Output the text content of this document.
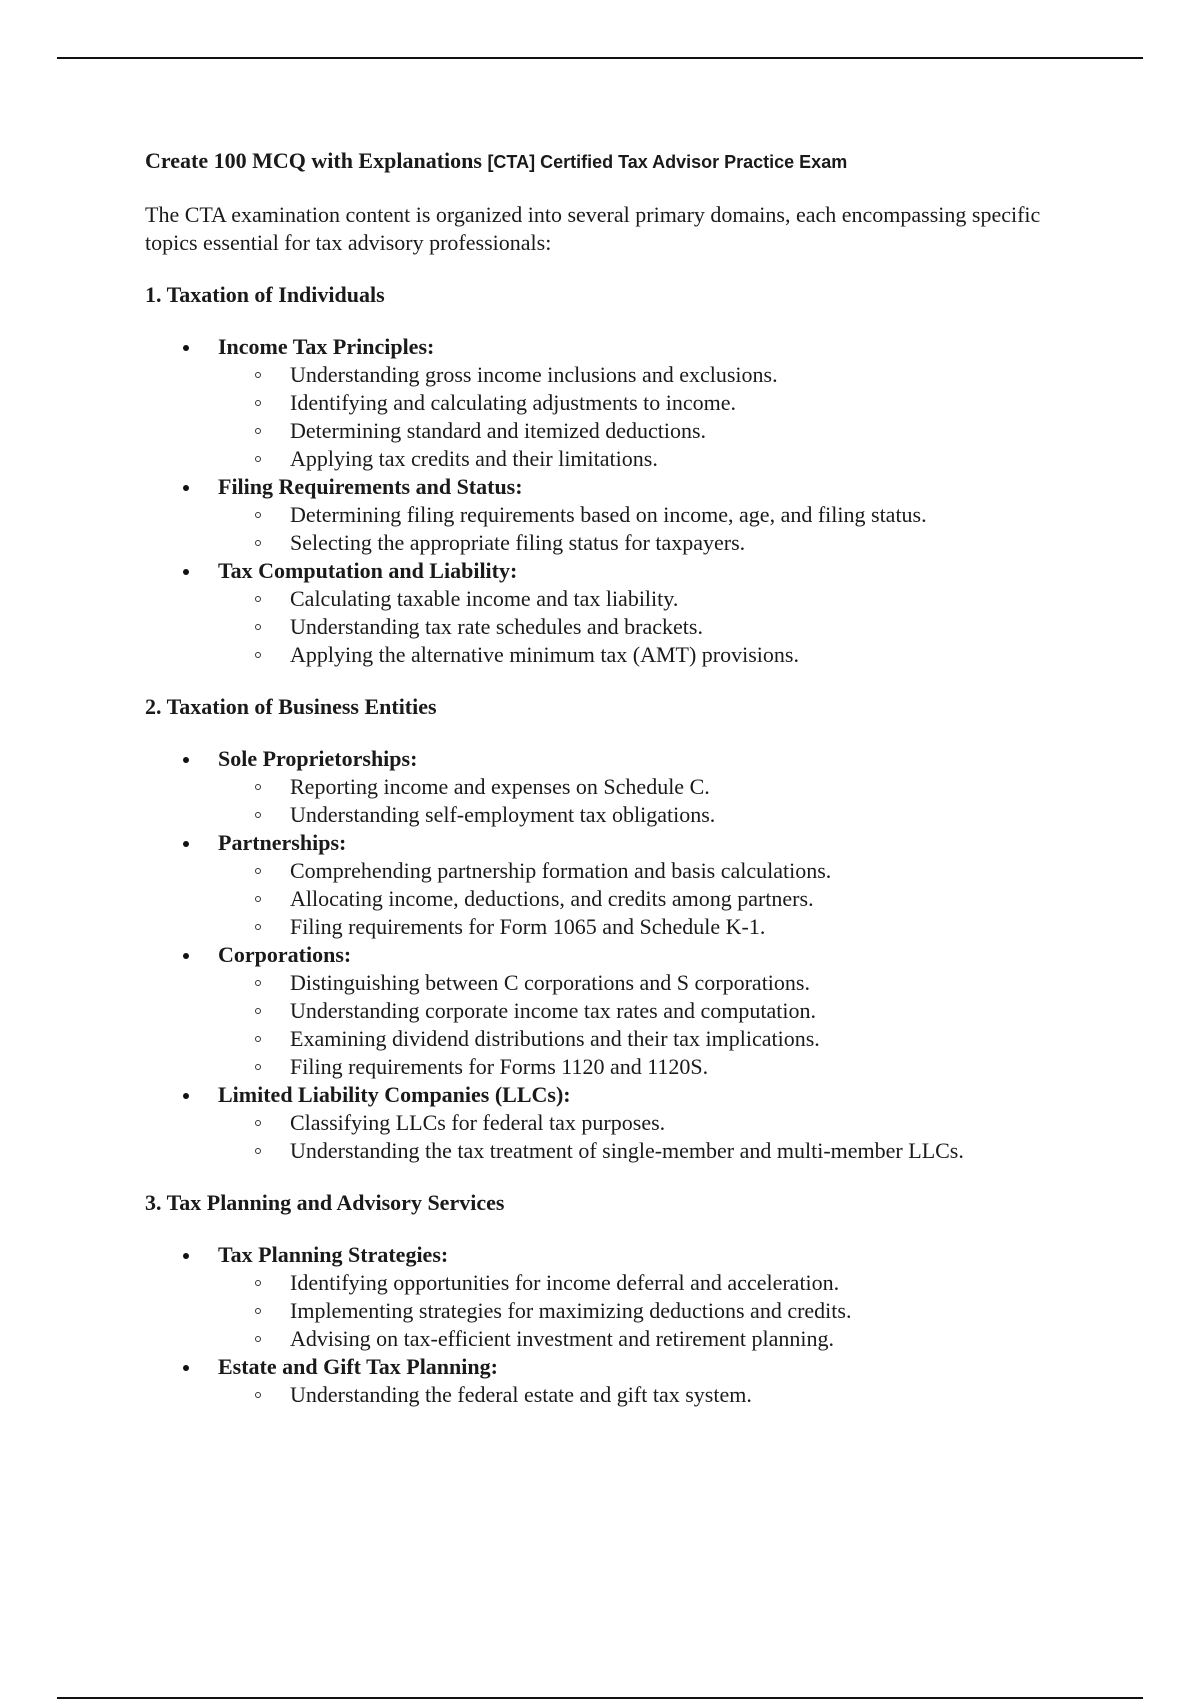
Create 100 MCQ with Explanations [CTA] Certified Tax Advisor Practice Exam

The CTA examination content is organized into several primary domains, each encompassing specific topics essential for tax advisory professionals:

1. Taxation of Individuals
Income Tax Principles:
Understanding gross income inclusions and exclusions.
Identifying and calculating adjustments to income.
Determining standard and itemized deductions.
Applying tax credits and their limitations.
Filing Requirements and Status:
Determining filing requirements based on income, age, and filing status.
Selecting the appropriate filing status for taxpayers.
Tax Computation and Liability:
Calculating taxable income and tax liability.
Understanding tax rate schedules and brackets.
Applying the alternative minimum tax (AMT) provisions.
2. Taxation of Business Entities
Sole Proprietorships:
Reporting income and expenses on Schedule C.
Understanding self-employment tax obligations.
Partnerships:
Comprehending partnership formation and basis calculations.
Allocating income, deductions, and credits among partners.
Filing requirements for Form 1065 and Schedule K-1.
Corporations:
Distinguishing between C corporations and S corporations.
Understanding corporate income tax rates and computation.
Examining dividend distributions and their tax implications.
Filing requirements for Forms 1120 and 1120S.
Limited Liability Companies (LLCs):
Classifying LLCs for federal tax purposes.
Understanding the tax treatment of single-member and multi-member LLCs.
3. Tax Planning and Advisory Services
Tax Planning Strategies:
Identifying opportunities for income deferral and acceleration.
Implementing strategies for maximizing deductions and credits.
Advising on tax-efficient investment and retirement planning.
Estate and Gift Tax Planning:
Understanding the federal estate and gift tax system.
